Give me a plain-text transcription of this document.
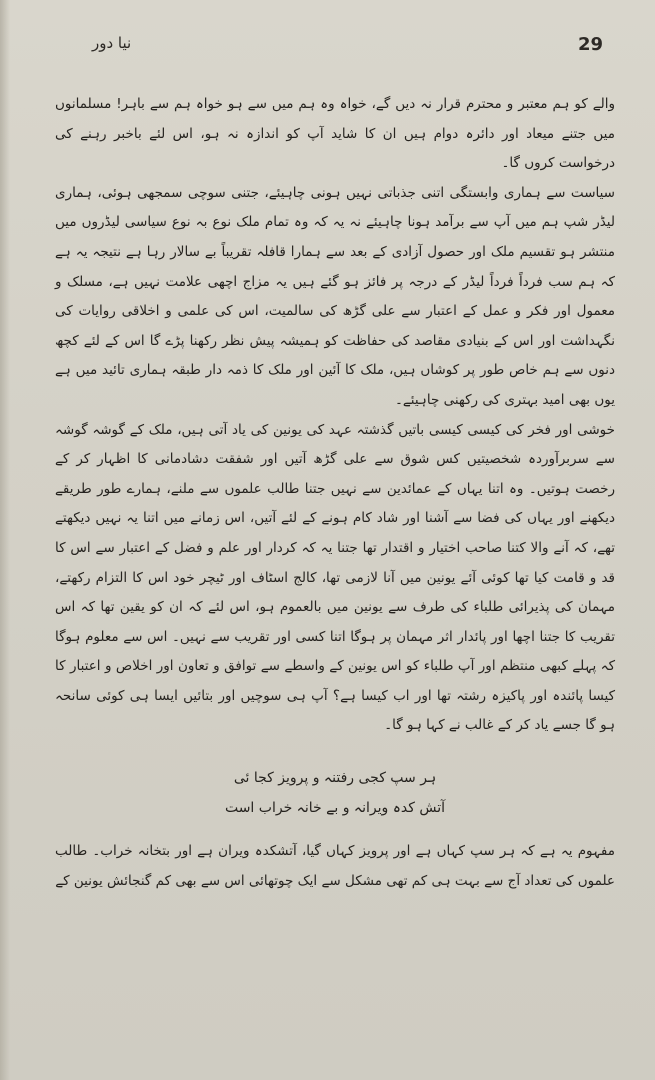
نیا دور	29

والے کو ہم معتبر و محترم قرار نہ دیں گے، خواہ وہ ہم میں سے ہو خواہ ہم سے باہر! مسلمانوں میں جتنے میعاد اور دائرہ دوام ہیں ان کا شاید آپ کو اندازہ نہ ہو، اس لئے باخبر رہنے کی درخواست کروں گا۔

سیاست سے ہماری وابستگی اتنی جذباتی نہیں ہونی چاہیئے، جتنی سوچی سمجھی ہوئی، ہماری لیڈر شپ ہم میں آپ سے برآمد ہونا چاہیئے نہ یہ کہ وہ تمام ملک نوع بہ نوع سیاسی لیڈروں میں منتشر ہو تقسیم ملک اور حصول آزادی کے بعد سے ہمارا قافلہ تقریباً بے سالار رہا ہے نتیجہ یہ ہے کہ ہم سب فرداً فرداً لیڈر کے درجہ پر فائز ہو گئے ہیں یہ مزاج اچھی علامت نہیں ہے، مسلک و معمول اور فکر و عمل کے اعتبار سے علی گڑھ کی سالمیت، اس کی علمی و اخلاقی روایات کی نگہداشت اور اس کے بنیادی مقاصد کی حفاظت کو ہمیشہ پیش نظر رکھنا پڑے گا اس کے لئے کچھ دنوں سے ہم خاص طور پر کوشاں ہیں، ملک کا آئین اور ملک کا ذمہ دار طبقہ ہماری تائید میں ہے یوں بھی امید بہتری کی رکھنی چاہیئے۔

خوشی اور فخر کی کیسی کیسی باتیں گذشتہ عہد کی یونین کی یاد آتی ہیں، ملک کے گوشہ گوشہ سے سربرآوردہ شخصیتیں کس شوق سے علی گڑھ آتیں اور شفقت دشادمانی کا اظہار کر کے رخصت ہوتیں۔ وہ اتنا یہاں کے عمائدین سے نہیں جتنا طالب علموں سے ملنے، ہمارے طور طریقے دیکھنے اور یہاں کی فضا سے آشنا اور شاد کام ہونے کے لئے آتیں، اس زمانے میں اتنا یہ نہیں دیکھتے تھے، کہ آنے والا کتنا صاحب اختیار و اقتدار تھا جتنا یہ کہ کردار اور علم و فضل کے اعتبار سے اس کا قد و قامت کیا تھا کوئی آئے یونین میں آنا لازمی تھا، کالج اسٹاف اور ٹیچر خود اس کا التزام رکھتے، مہمان کی پذیرائی طلباء کی طرف سے یونین میں بالعموم ہو، اس لئے کہ ان کو یقین تھا کہ اس تقریب کا جتنا اچھا اور پائدار اثر مہمان پر ہوگا اتنا کسی اور تقریب سے نہیں۔ اس سے معلوم ہوگا کہ پہلے کبھی منتظم اور آپ طلباء کو اس یونین کے واسطے سے توافق و تعاون اور اخلاص و اعتبار کا کیسا پائندہ اور پاکیزہ رشتہ تھا اور اب کیسا ہے؟ آپ ہی سوچیں اور بتائیں ایسا ہی کوئی سانحہ ہو گا جسے یاد کر کے غالب نے کہا ہو گا۔

ہر سپ کجی رفتنہ و پرویز کجا ئی
آتش کدہ ویرانہ و بے خانہ خراب است

مفہوم یہ ہے کہ ہر سپ کہاں ہے اور پرویز کہاں گیا، آتشکدہ ویران ہے اور بتخانہ خراب۔ طالب علموں کی تعداد آج سے بہت ہی کم تھی مشکل سے ایک چوتھائی اس سے بھی کم گنجائش یونین کے
